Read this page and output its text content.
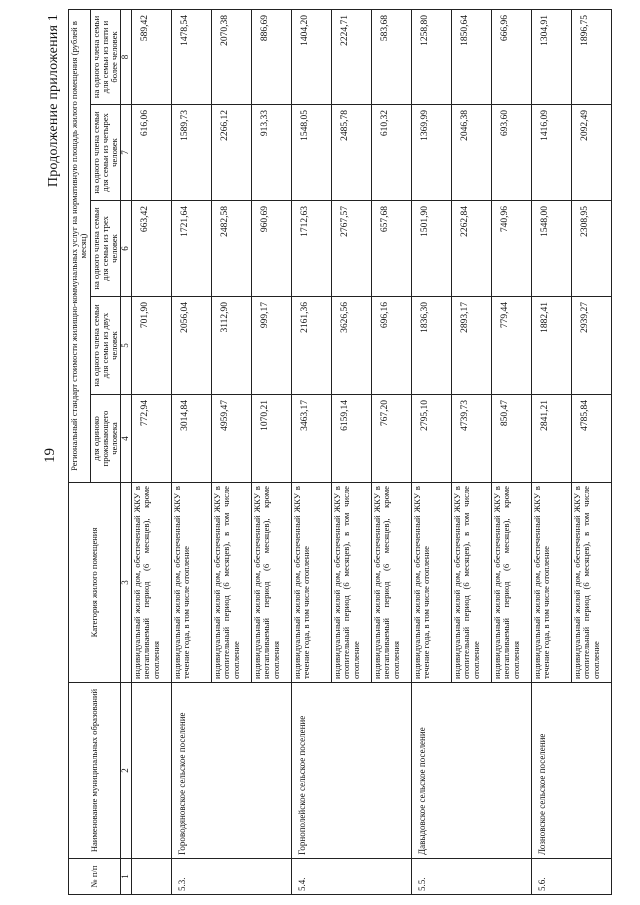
19
Продолжение приложения 1
№ п/п	Наименование муниципальных образований	Категория жилого помещения	Региональный стандарт стоимости жилищно-коммунальных услуг на нормативную площадь жилого помещения (рублей в месяц)				
			для одиноко проживающего человека	на одного члена семьи для семьи из двух человек	на одного члена семьи для семьи из трех человек	на одного члена семьи для семьи из четырех человек	на одного члена семьи для семьи из пяти и более человек
1	2	3	4	5	6	7	8
		индивидуальный жилой дом, обеспеченный ЖКУ в неотапливаемый период (6 месяцев), кроме отопления	772,94	701,90	663,42	616,06	589,42
5.3.	Гороводяновское сельское поселение	индивидуальный жилой дом, обеспеченный ЖКУ в течение года, в том числе отопление	3014,84	2056,04	1721,64	1589,73	1478,54
		индивидуальный жилой дом, обеспеченный ЖКУ в отопительный период (6 месяцев), в том числе отопление	4959,47	3112,90	2482,58	2266,12	2070,38
		индивидуальный жилой дом, обеспеченный ЖКУ в неотапливаемый период (6 месяцев), кроме отопления	1070,21	999,17	960,69	913,33	886,69
5.4.	Горнополейское сельское поселение	индивидуальный жилой дом, обеспеченный ЖКУ в течение года, в том числе отопление	3463,17	2161,36	1712,63	1548,05	1404,20
		индивидуальный жилой дом, обеспеченный ЖКУ в отопительный период (6 месяцев), в том числе отопление	6159,14	3626,56	2767,57	2485,78	2224,71
		индивидуальный жилой дом, обеспеченный ЖКУ в неотапливаемый период (6 месяцев), кроме отопления	767,20	696,16	657,68	610,32	583,68
5.5.	Давыдовское сельское поселение	индивидуальный жилой дом, обеспеченный ЖКУ в течение года, в том числе отопление	2795,10	1836,30	1501,90	1369,99	1258,80
		индивидуальный жилой дом, обеспеченный ЖКУ в отопительный период (6 месяцев), в том числе отопление	4739,73	2893,17	2262,84	2046,38	1850,64
		индивидуальный жилой дом, обеспеченный ЖКУ в неотапливаемый период (6 месяцев), кроме отопления	850,47	779,44	740,96	693,60	666,96
5.6.	Лозновское сельское поселение	индивидуальный жилой дом, обеспеченный ЖКУ в течение года, в том числе отопление	2841,21	1882,41	1548,00	1416,09	1304,91
		индивидуальный жилой дом, обеспеченный ЖКУ в отопительный период (6 месяцев), в том числе отопление	4785,84	2939,27	2308,95	2092,49	1896,75
